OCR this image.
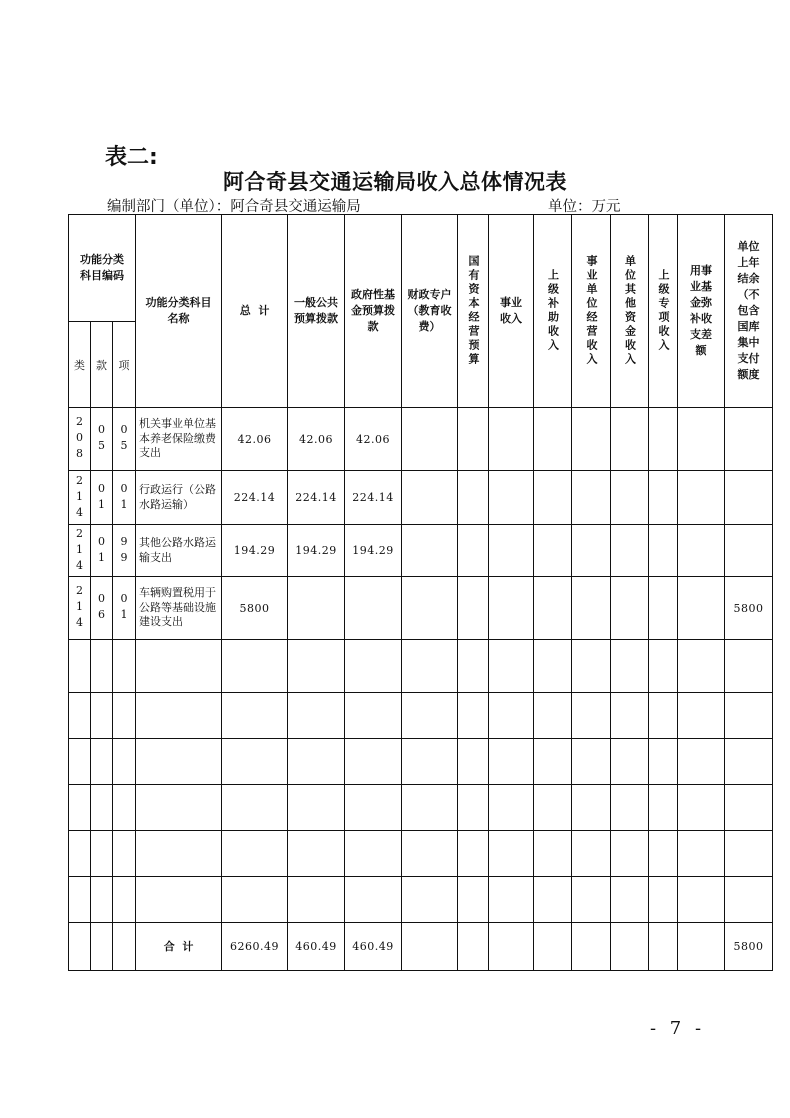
表二:
阿合奇县交通运输局收入总体情况表
编制部门（单位）：阿合奇县交通运输局	单位：万元
功能分类科目编码			功能分类科目名称	总  计	一般公共预算拨款	政府性基金预算拨款	财政专户（教育收费）	国有资本经营预算	事业收入	上级补助收入	事业单位经营收入	单位其他资金收入	上级专项收入	用事业基金弥补收支差额	单位上年结余（不包含国库集中支付额度
类	款	项													

208	05	05	机关事业单位基本养老保险缴费支出	42.06	42.06	42.06									

214	01	01	行政运行（公路水路运输）	224.14	224.14	224.14									

214	01	99	其他公路水路运输支出	194.29	194.29	194.29									

214	06	01	车辆购置税用于公路等基础设施建设支出	5800											5800

			合  计	6260.49	460.49	460.49									5800
- 7 -
